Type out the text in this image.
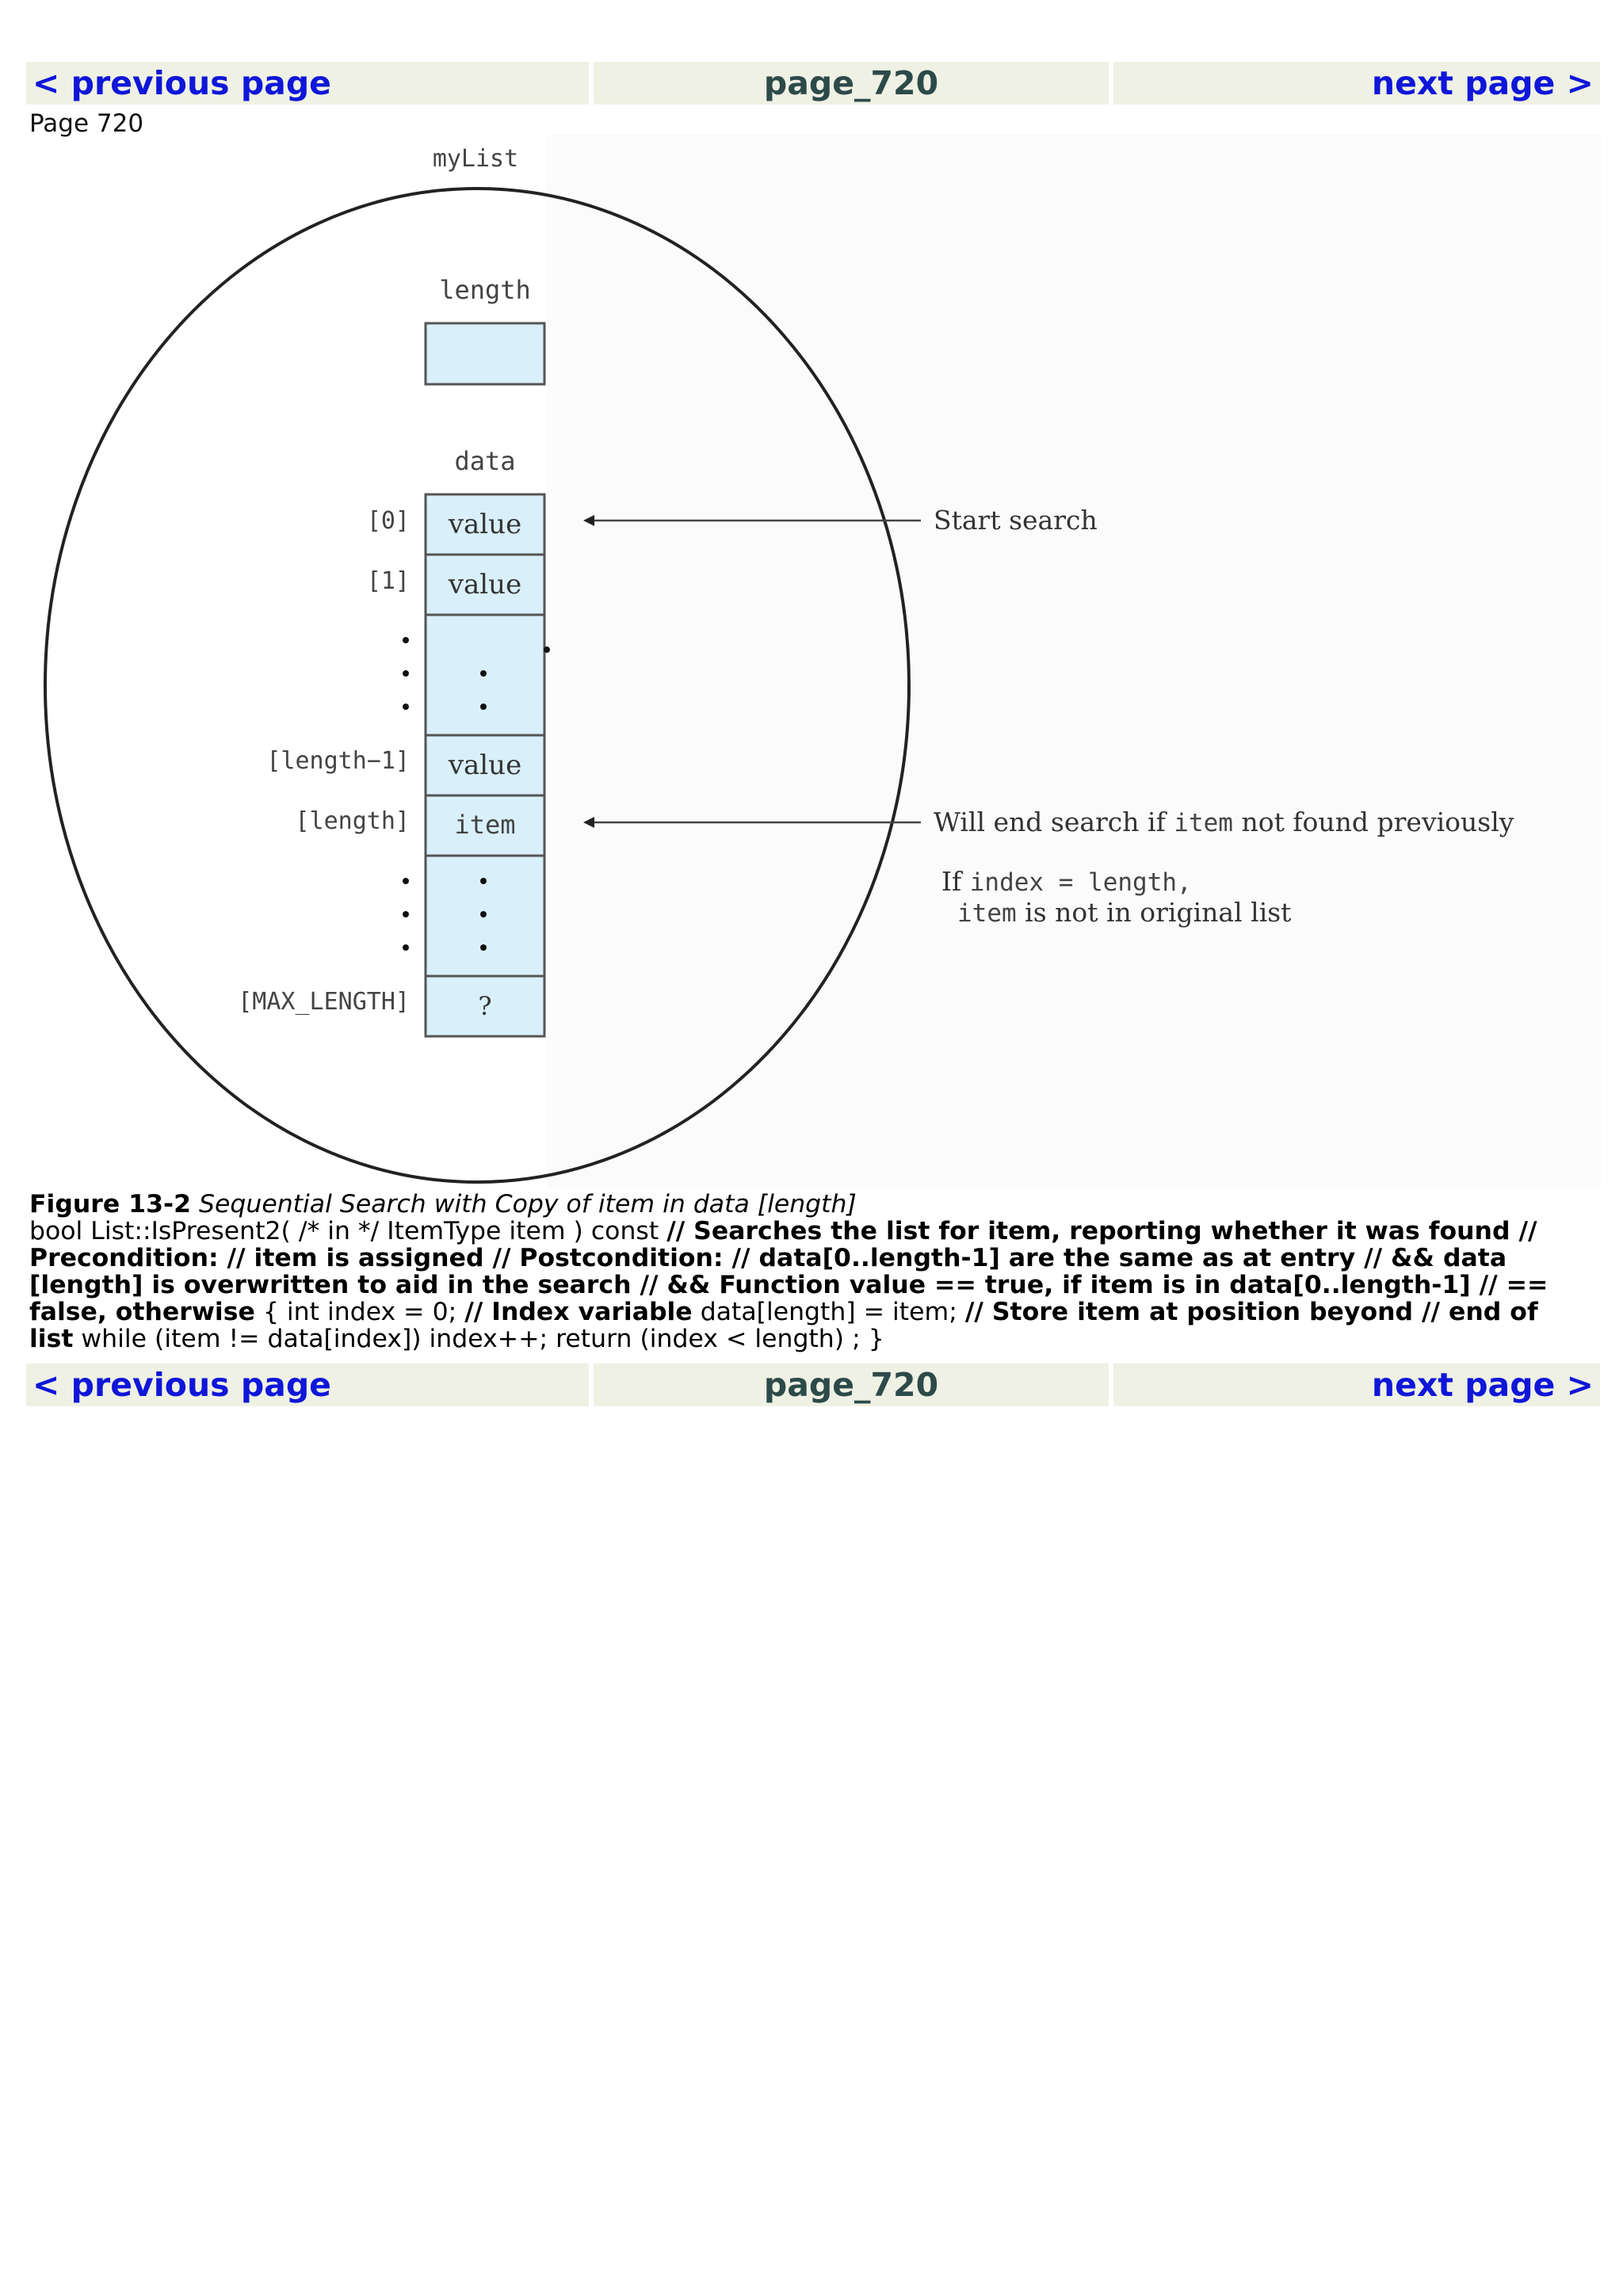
< previous page	page_720	next page >
Page 720
myList
length
data
value
value
value
item
?
[0]
[1]
[length−1]
[length]
[MAX_LENGTH]
Start search
Will end search if item not found previously
If index = length,
item is not in original list
Figure 13-2 Sequential Search with Copy of item in data [length]
bool List::IsPresent2( /* in */ ItemType item ) const // Searches the list for item, reporting whether it was found // Precondition: // item is assigned // Postcondition: // data[0..length-1] are the same as at entry // && data [length] is overwritten to aid in the search // && Function value == true, if item is in data[0..length-1] // == false, otherwise { int index = 0; // Index variable data[length] = item; // Store item at position beyond // end of list while (item != data[index]) index++; return (index < length) ; }
< previous page	page_720	next page >
